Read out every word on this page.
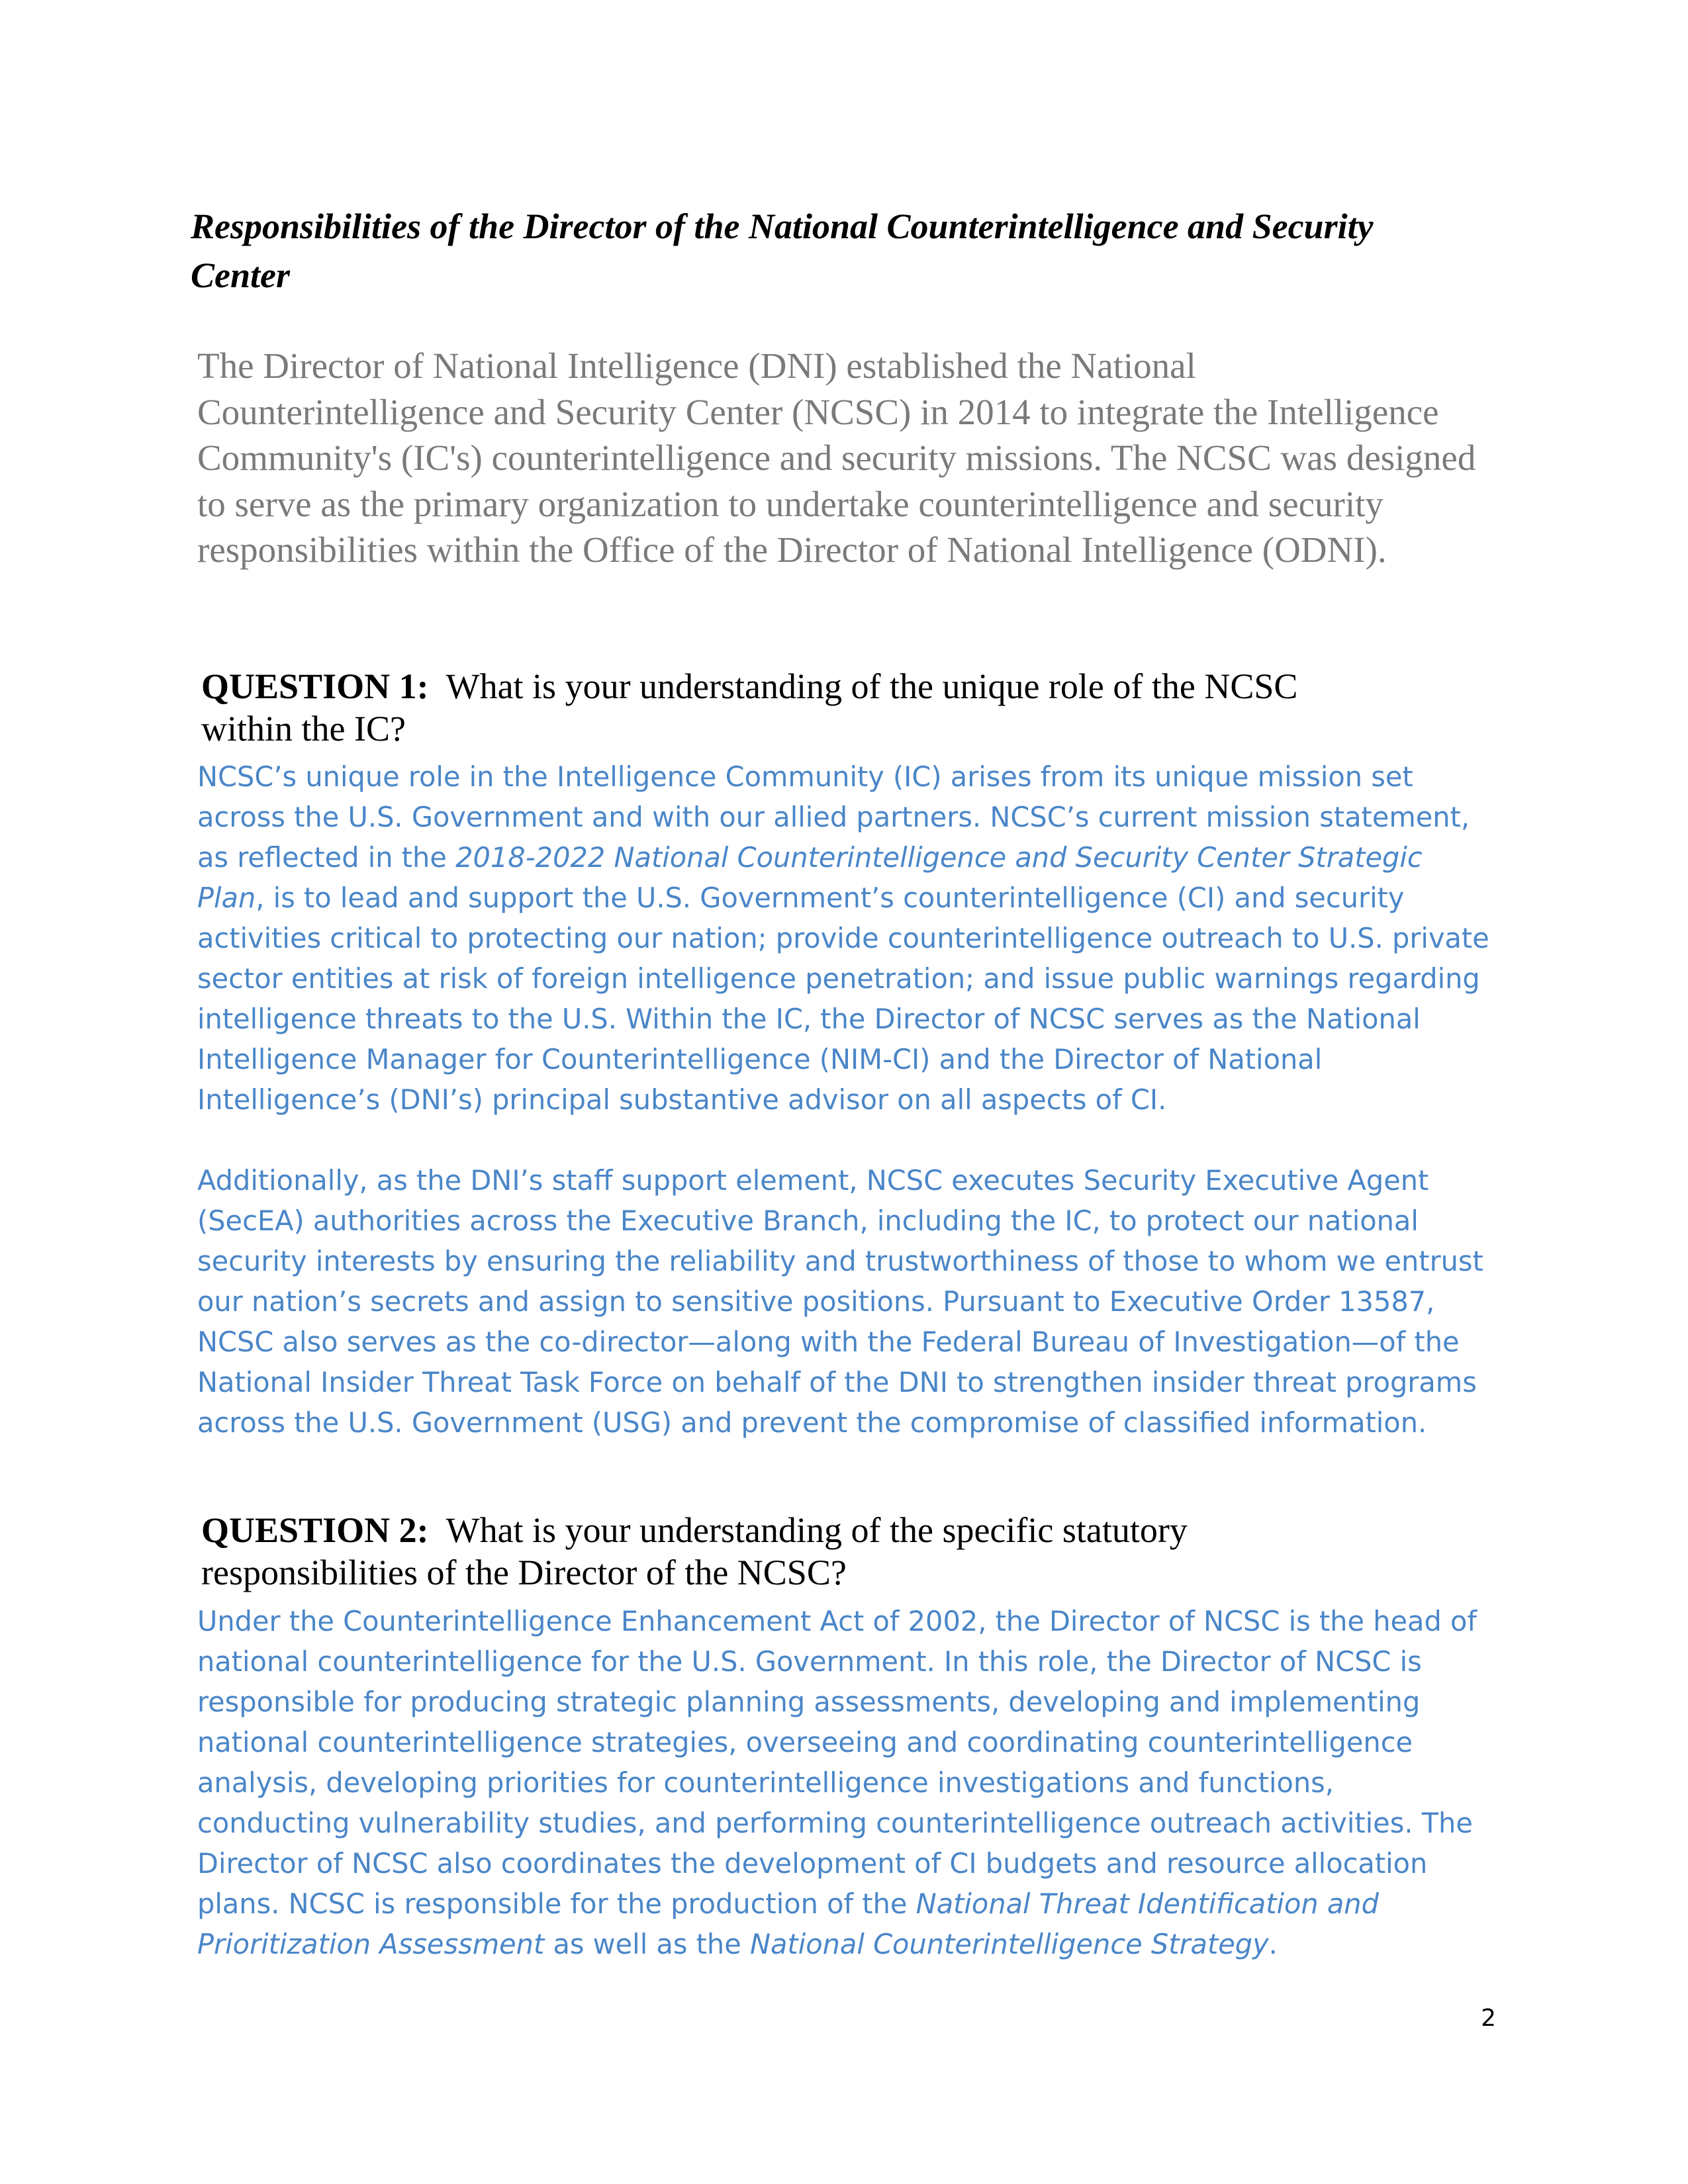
Responsibilities of the Director of the National Counterintelligence and Security Center

The Director of National Intelligence (DNI) established the National Counterintelligence and Security Center (NCSC) in 2014 to integrate the Intelligence Community's (IC's) counterintelligence and security missions. The NCSC was designed to serve as the primary organization to undertake counterintelligence and security responsibilities within the Office of the Director of National Intelligence (ODNI).

QUESTION 1: What is your understanding of the unique role of the NCSC within the IC?

NCSC’s unique role in the Intelligence Community (IC) arises from its unique mission set across the U.S. Government and with our allied partners. NCSC’s current mission statement, as reflected in the 2018-2022 National Counterintelligence and Security Center Strategic Plan, is to lead and support the U.S. Government’s counterintelligence (CI) and security activities critical to protecting our nation; provide counterintelligence outreach to U.S. private sector entities at risk of foreign intelligence penetration; and issue public warnings regarding intelligence threats to the U.S. Within the IC, the Director of NCSC serves as the National Intelligence Manager for Counterintelligence (NIM-CI) and the Director of National Intelligence’s (DNI’s) principal substantive advisor on all aspects of CI.

Additionally, as the DNI’s staff support element, NCSC executes Security Executive Agent (SecEA) authorities across the Executive Branch, including the IC, to protect our national security interests by ensuring the reliability and trustworthiness of those to whom we entrust our nation’s secrets and assign to sensitive positions. Pursuant to Executive Order 13587, NCSC also serves as the co-director—along with the Federal Bureau of Investigation—of the National Insider Threat Task Force on behalf of the DNI to strengthen insider threat programs across the U.S. Government (USG) and prevent the compromise of classified information.

QUESTION 2: What is your understanding of the specific statutory responsibilities of the Director of the NCSC?

Under the Counterintelligence Enhancement Act of 2002, the Director of NCSC is the head of national counterintelligence for the U.S. Government. In this role, the Director of NCSC is responsible for producing strategic planning assessments, developing and implementing national counterintelligence strategies, overseeing and coordinating counterintelligence analysis, developing priorities for counterintelligence investigations and functions, conducting vulnerability studies, and performing counterintelligence outreach activities. The Director of NCSC also coordinates the development of CI budgets and resource allocation plans. NCSC is responsible for the production of the National Threat Identification and Prioritization Assessment as well as the National Counterintelligence Strategy.

2
